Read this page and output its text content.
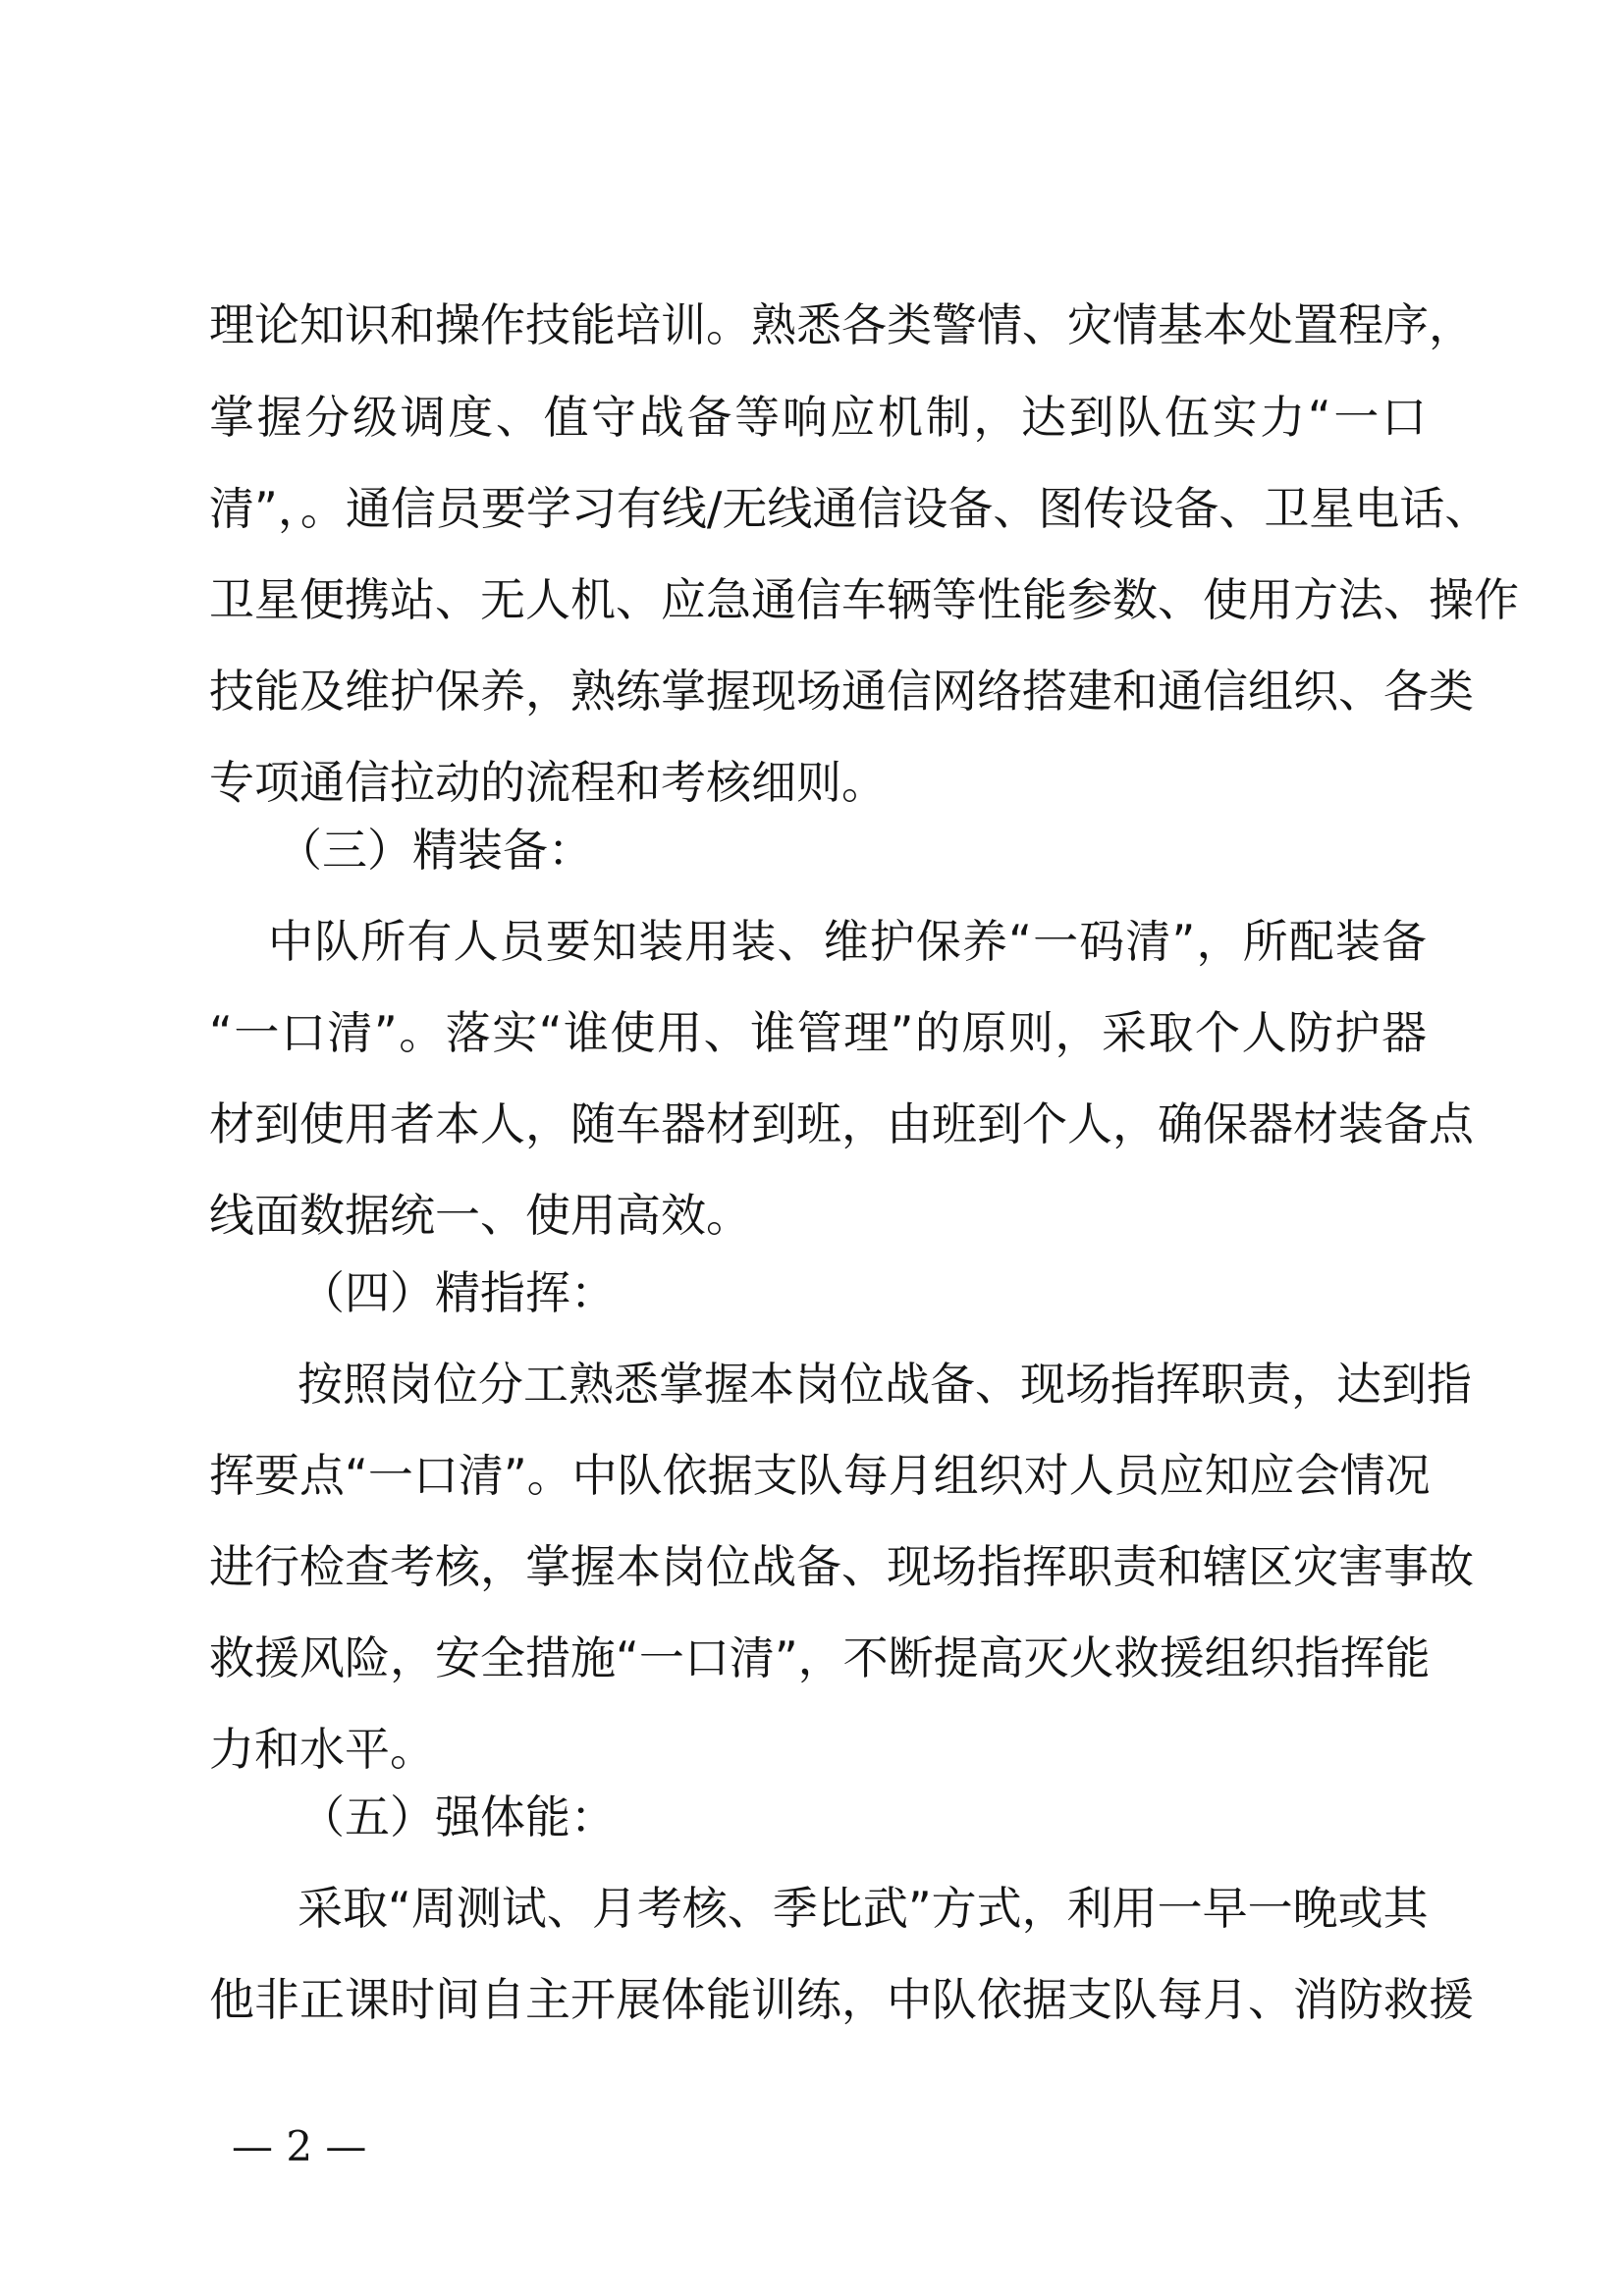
理论知识和操作技能培训。熟悉各类警情、灾情基本处置程序，
掌握分级调度、值守战备等响应机制，达到队伍实力“一口
清”，。通信员要学习有线/无线通信设备、图传设备、卫星电话、
卫星便携站、无人机、应急通信车辆等性能参数、使用方法、操作
技能及维护保养，熟练掌握现场通信网络搭建和通信组织、各类
专项通信拉动的流程和考核细则。
（三）精装备：
中队所有人员要知装用装、维护保养“一码清”，所配装备
“一口清”。落实“谁使用、谁管理”的原则，采取个人防护器
材到使用者本人，随车器材到班，由班到个人，确保器材装备点
线面数据统一、使用高效。
（四）精指挥：
按照岗位分工熟悉掌握本岗位战备、现场指挥职责，达到指
挥要点“一口清”。中队依据支队每月组织对人员应知应会情况
进行检查考核，掌握本岗位战备、现场指挥职责和辖区灾害事故
救援风险，安全措施“一口清”，不断提高灭火救援组织指挥能
力和水平。
（五）强体能：
采取“周测试、月考核、季比武”方式，利用一早一晚或其
他非正课时间自主开展体能训练，中队依据支队每月、消防救援
— 2 —
